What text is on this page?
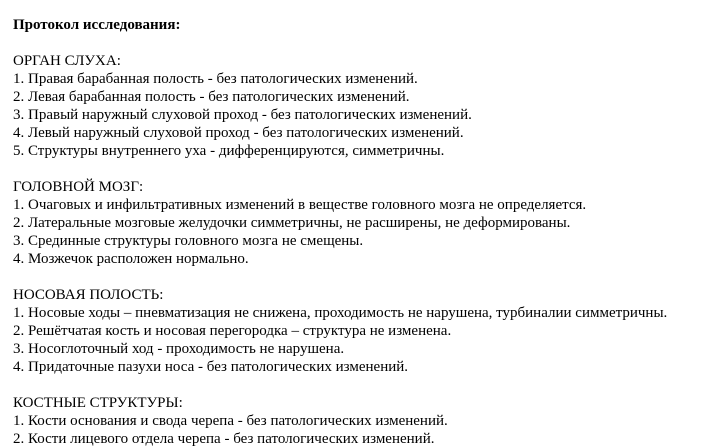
Протокол исследования:
ОРГАН СЛУХА:
1. Правая барабанная полость - без патологических изменений.
2. Левая барабанная полость - без патологических изменений.
3. Правый наружный слуховой проход - без патологических изменений.
4. Левый наружный слуховой проход - без патологических изменений.
5. Структуры внутреннего уха - дифференцируются, симметричны.
ГОЛОВНОЙ МОЗГ:
1. Очаговых и инфильтративных изменений в веществе головного мозга не определяется.
2. Латеральные мозговые желудочки симметричны, не расширены, не деформированы.
3. Срединные структуры головного мозга не смещены.
4. Мозжечок расположен нормально.
НОСОВАЯ ПОЛОСТЬ:
1. Носовые ходы – пневматизация не снижена, проходимость не нарушена, турбиналии симметричны.
2. Решётчатая кость и носовая перегородка – структура не изменена.
3. Носоглоточный ход - проходимость не нарушена.
4. Придаточные пазухи носа - без патологических изменений.
КОСТНЫЕ СТРУКТУРЫ:
1. Кости основания и свода черепа - без патологических изменений.
2. Кости лицевого отдела черепа - без патологических изменений.
